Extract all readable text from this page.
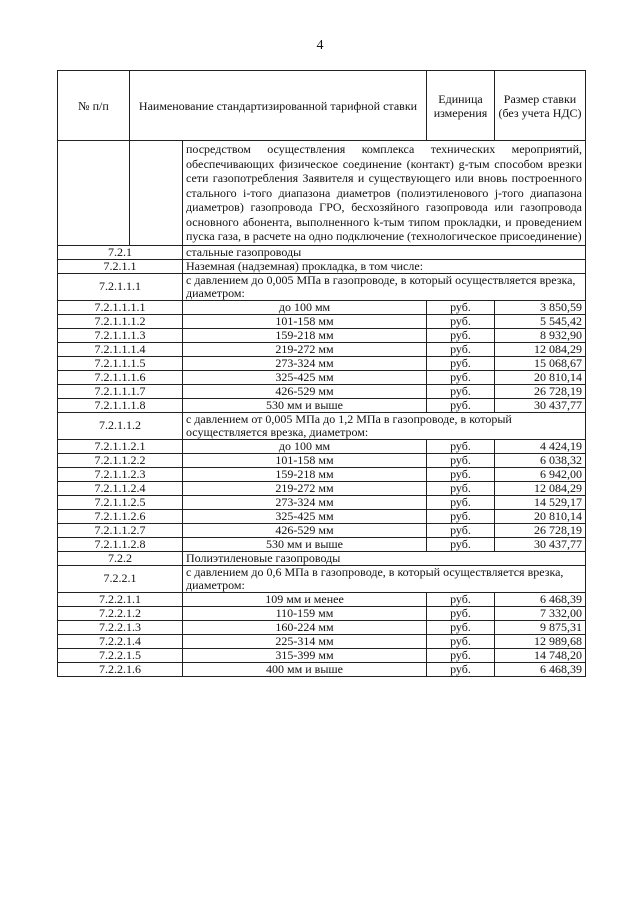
4
№ п/п	Наименование стандартизированной тарифной ставки		Единица измерения	Размер ставки (без учета НДС)
		посредством осуществления комплекса технических мероприятий, обеспечивающих физическое соединение (контакт) g-тым способом врезки сети газопотребления Заявителя и существующего или вновь построенного стального i-того диапазона диаметров (полиэтиленового j-того диапазона диаметров) газопровода ГРО, бесхозяйного газопровода или газопровода основного абонента, выполненного k-тым типом прокладки, и проведением пуска газа, в расчете на одно подключение (технологическое присоединение)		
7.2.1		стальные газопроводы		
7.2.1.1		Наземная (надземная) прокладка, в том числе:		
7.2.1.1.1		с давлением до 0,005 МПа в газопроводе, в который осуществляется врезка, диаметром:		
7.2.1.1.1.1		до 100 мм	руб.	3 850,59
7.2.1.1.1.2		101-158 мм	руб.	5 545,42
7.2.1.1.1.3		159-218 мм	руб.	8 932,90
7.2.1.1.1.4		219-272 мм	руб.	12 084,29
7.2.1.1.1.5		273-324 мм	руб.	15 068,67
7.2.1.1.1.6		325-425 мм	руб.	20 810,14
7.2.1.1.1.7		426-529 мм	руб.	26 728,19
7.2.1.1.1.8		530 мм и выше	руб.	30 437,77
7.2.1.1.2		с давлением от 0,005 МПа до 1,2 МПа в газопроводе, в который осуществляется врезка, диаметром:		
7.2.1.1.2.1		до 100 мм	руб.	4 424,19
7.2.1.1.2.2		101-158 мм	руб.	6 038,32
7.2.1.1.2.3		159-218 мм	руб.	6 942,00
7.2.1.1.2.4		219-272 мм	руб.	12 084,29
7.2.1.1.2.5		273-324 мм	руб.	14 529,17
7.2.1.1.2.6		325-425 мм	руб.	20 810,14
7.2.1.1.2.7		426-529 мм	руб.	26 728,19
7.2.1.1.2.8		530 мм и выше	руб.	30 437,77
7.2.2		Полиэтиленовые газопроводы		
7.2.2.1		с давлением до 0,6 МПа в газопроводе, в который осуществляется врезка, диаметром:		
7.2.2.1.1		109 мм и менее	руб.	6 468,39
7.2.2.1.2		110-159 мм	руб.	7 332,00
7.2.2.1.3		160-224 мм	руб.	9 875,31
7.2.2.1.4		225-314 мм	руб.	12 989,68
7.2.2.1.5		315-399 мм	руб.	14 748,20
7.2.2.1.6		400 мм и выше	руб.	6 468,39
